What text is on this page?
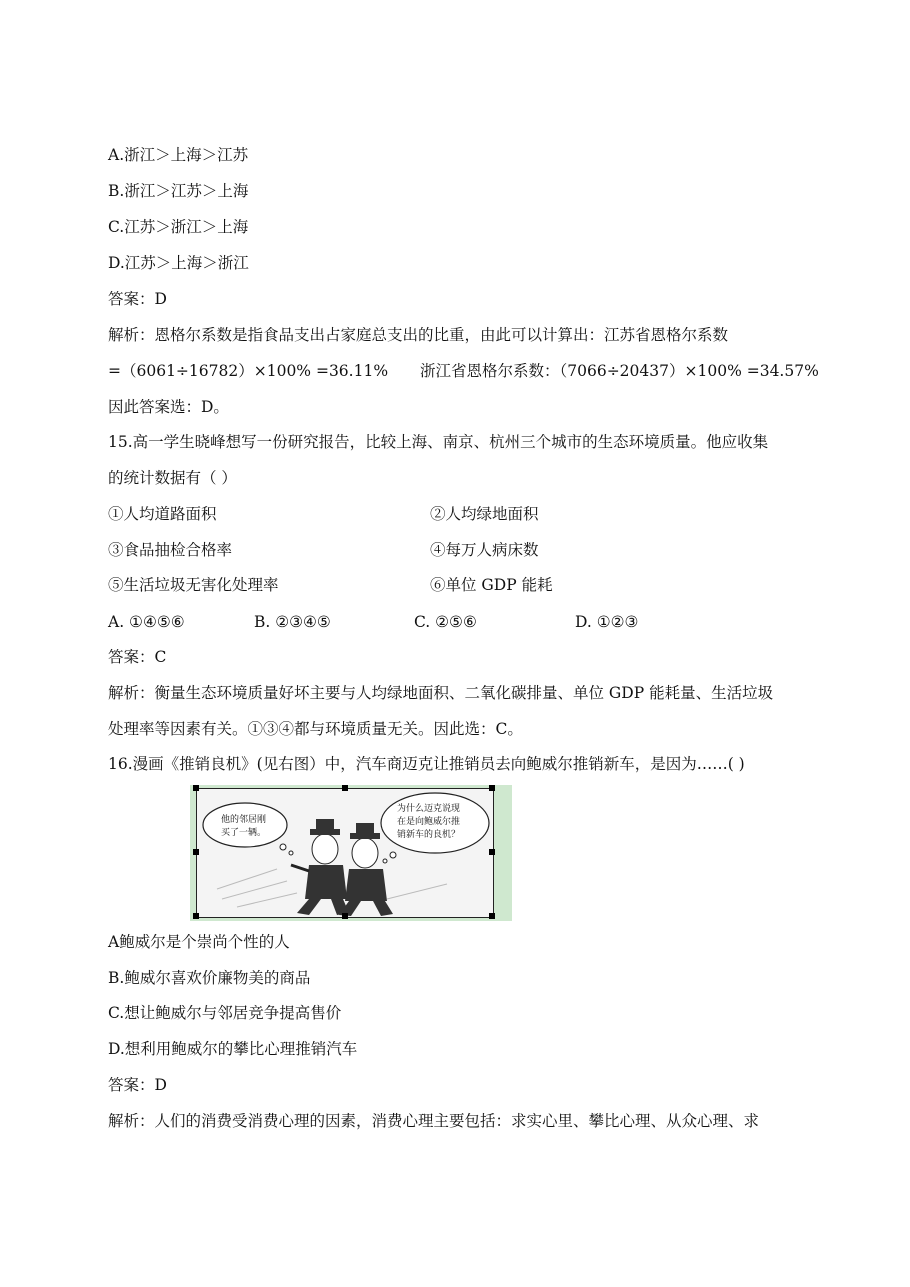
A.浙江＞上海＞江苏
B.浙江＞江苏＞上海
C.江苏＞浙江＞上海
D.江苏＞上海＞浙江
答案：D
解析：恩格尔系数是指食品支出占家庭总支出的比重，由此可以计算出：江苏省恩格尔系数
=（6061÷16782）×100% =36.11% 浙江省恩格尔系数：（7066÷20437）×100% =34.57%
因此答案选：D。
15.高一学生晓峰想写一份研究报告，比较上海、南京、杭州三个城市的生态环境质量。他应收集
的统计数据有（ ）
①人均道路面积	②人均绿地面积
③食品抽检合格率	④每万人病床数
⑤生活垃圾无害化处理率	⑥单位 GDP 能耗
A. ①④⑤⑥	B. ②③④⑤	C. ②⑤⑥	D. ①②③
答案：C
解析：衡量生态环境质量好坏主要与人均绿地面积、二氧化碳排量、单位 GDP 能耗量、生活垃圾
处理率等因素有关。①③④都与环境质量无关。因此选：C。
16.漫画《推销良机》(见右图）中，汽车商迈克让推销员去向鲍威尔推销新车，是因为……( )
他的邻居刚
买了一辆。
为什么迈克说现
在是向鲍威尔推
销新车的良机？
A鲍威尔是个崇尚个性的人
B.鲍威尔喜欢价廉物美的商品
C.想让鲍威尔与邻居竞争提高售价
D.想利用鲍威尔的攀比心理推销汽车
答案：D
解析：人们的消费受消费心理的因素，消费心理主要包括：求实心里、攀比心理、从众心理、求
